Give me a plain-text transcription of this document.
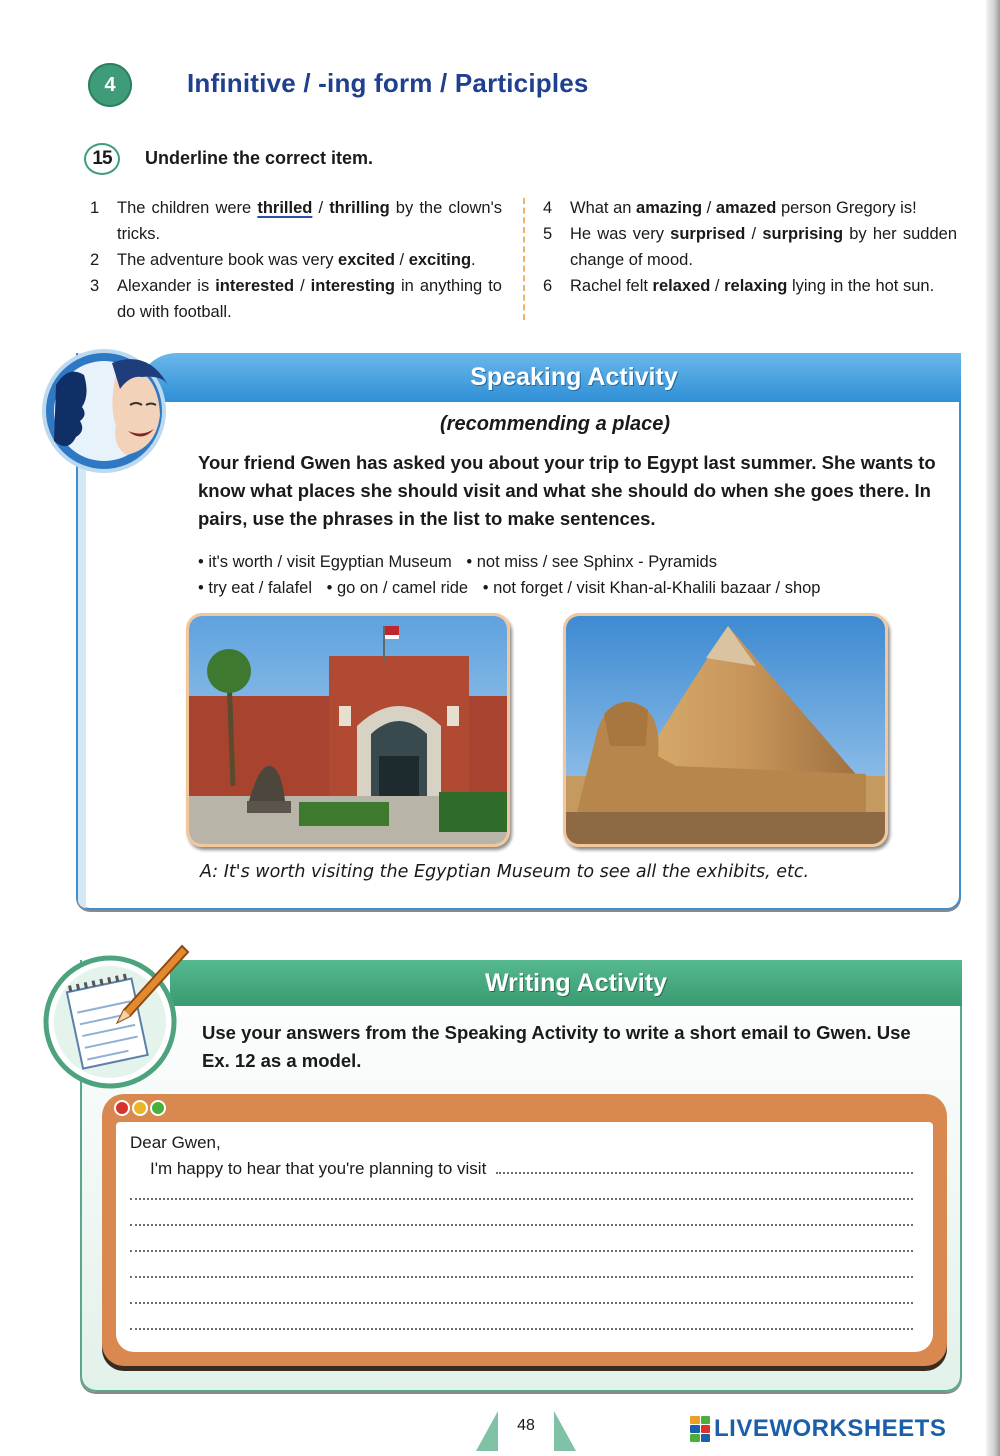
4	Infinitive / -ing form / Participles
15	Underline the correct item.
1	The children were thrilled / thrilling by the clown's tricks.
2	The adventure book was very excited / exciting.
3	Alexander is interested / interesting in anything to do with football.
4	What an amazing / amazed person Gregory is!
5	He was very surprised / surprising by her sudden change of mood.
6	Rachel felt relaxed / relaxing lying in the hot sun.
Speaking Activity
(recommending a place)
Your friend Gwen has asked you about your trip to Egypt last summer. She wants to know what places she should visit and what she should do when she goes there. In pairs, use the phrases in the list to make sentences.
• it's worth / visit Egyptian Museum • not miss / see Sphinx - Pyramids
• try eat / falafel • go on / camel ride • not forget / visit Khan-al-Khalili bazaar / shop
A: It's worth visiting the Egyptian Museum to see all the exhibits, etc.
Writing Activity
Use your answers from the Speaking Activity to write a short email to Gwen. Use Ex. 12 as a model.
Dear Gwen,
I'm happy to hear that you're planning to visit
48	LIVEWORKSHEETS
